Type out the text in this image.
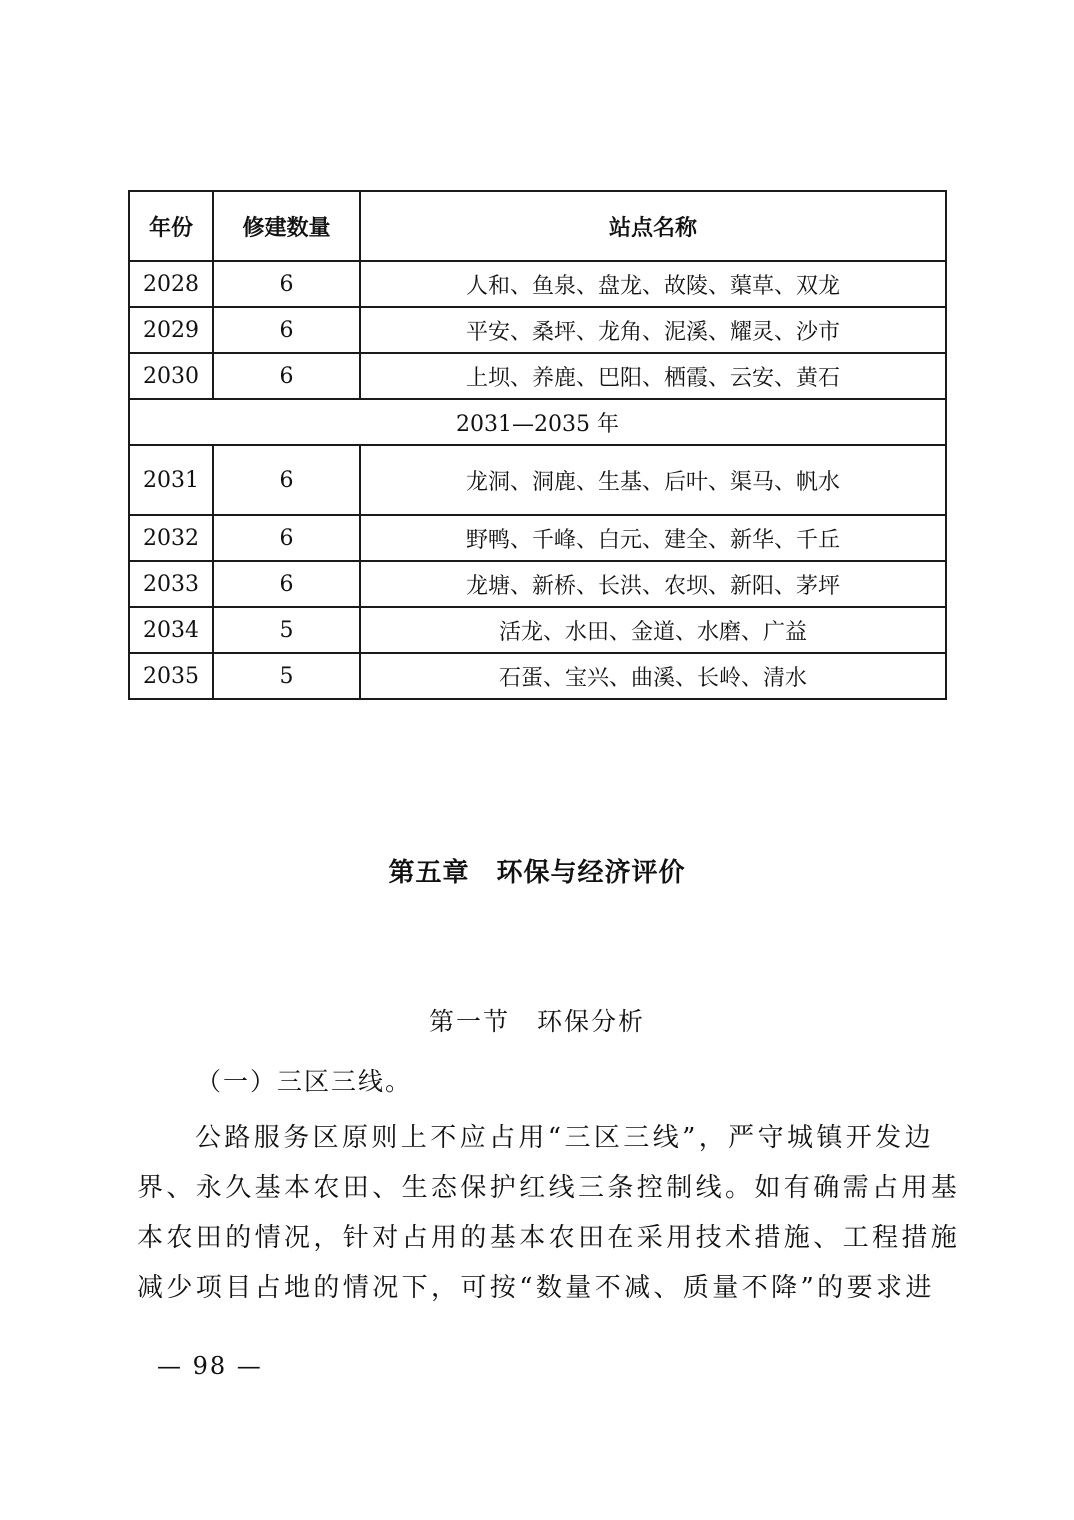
年份	修建数量	站点名称
2028	6	人和、鱼泉、盘龙、故陵、蕖草、双龙
2029	6	平安、桑坪、龙角、泥溪、耀灵、沙市
2030	6	上坝、养鹿、巴阳、栖霞、云安、黄石
2031—2035 年		
2031	6	龙洞、洞鹿、生基、后叶、渠马、帆水
2032	6	野鸭、千峰、白元、建全、新华、千丘
2033	6	龙塘、新桥、长洪、农坝、新阳、茅坪
2034	5	活龙、水田、金道、水磨、广益
2035	5	石蛋、宝兴、曲溪、长岭、清水
第五章　环保与经济评价
第一节　环保分析
（一）三区三线。
公路服务区原则上不应占用“三区三线”，严守城镇开发边
界、永久基本农田、生态保护红线三条控制线。如有确需占用基
本农田的情况，针对占用的基本农田在采用技术措施、工程措施
减少项目占地的情况下，可按“数量不减、质量不降”的要求进
— 98 —
